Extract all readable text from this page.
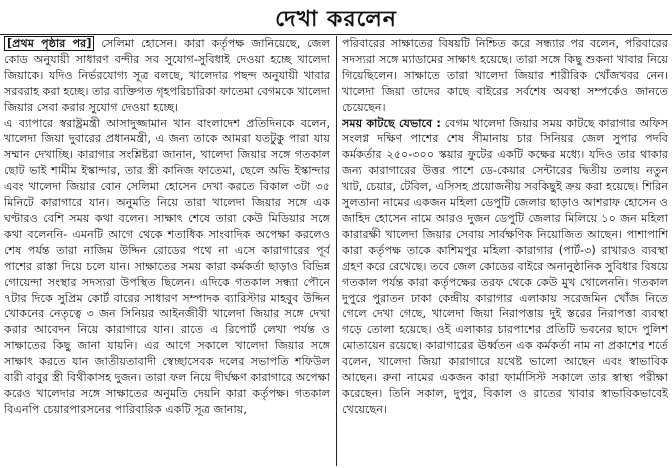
দেখা করলেন

[প্রথম পৃষ্ঠার পর] সেলিমা হোসেন। কারা কর্তৃপক্ষ জানিয়েছে, জেল কোড অনুযায়ী সাধারণ বন্দীর সব সুযোগ-সুবিধাই দেওয়া হচ্ছে খালেদা জিয়াকে। যদিও নির্ভরযোগ্য সূত্র বলছে, খালেদার পছন্দ অনুযায়ী খাবার সরবরাহ করা হচ্ছে। তার ব্যক্তিগত গৃহপরিচারিকা ফাতেমা বেগমকে খালেদা জিয়ার সেবা করার সুযোগ দেওয়া হচ্ছে।

এ ব্যাপারে স্বরাষ্ট্রমন্ত্রী আসাদুজ্জামান খান বাংলাদেশ প্রতিদিনকে বলেন, খালেদা জিয়া দুবারের প্রধানমন্ত্রী, এ জন্য তাকে আমরা যতটুকু পারা যায় সম্মান দেখাচ্ছি। কারাগার সংশ্লিষ্টরা জানান, খালেদা জিয়ার সঙ্গে গতকাল ছোট ভাই শামীম ইস্কান্দার, তার স্ত্রী কানিজ ফাতেমা, ছেলে অভি ইস্কান্দার এবং খালেদা জিয়ার বোন সেলিমা হোসেন দেখা করতে বিকাল ৩টা ৩৫ মিনিটে কারাগারে যান। অনুমতি নিয়ে তারা খালেদা জিয়ার সঙ্গে এক ঘণ্টারও বেশি সময় কথা বলেন। সাক্ষাৎ শেষে তারা কেউ মিডিয়ার সঙ্গে কথা বলেননি- এমনটি আগে থেকে শতাধিক সাংবাদিক অপেক্ষা করলেও শেষ পর্যন্ত তারা নাজিম উদ্দিন রোডের পথে না এসে কারাগারের পূর্ব পাশের রাস্তা দিয়ে চলে যান। সাক্ষাতের সময় কারা কর্মকর্তা ছাড়াও বিভিন্ন গোয়েন্দা সংস্থার সদস্যরা উপস্থিত ছিলেন। এদিকে গতকাল সন্ধ্যা পৌনে ৭টার দিকে সুপ্রিম কোর্ট বারের সাধারণ সম্পাদক ব্যারিস্টার মাহবুব উদ্দিন খোকনের নেতৃত্বে ৩ জন সিনিয়র আইনজীবী খালেদা জিয়ার সঙ্গে দেখা করার আবেদন নিয়ে কারাগারে যান। রাতে এ রিপোর্ট লেখা পর্যন্ত ও সাক্ষাতের কিছু জানা যায়নি। এর আগে সকালে খালেদা জিয়ার সঙ্গে সাক্ষাৎ করতে যান জাতীয়তাবাদী স্বেচ্ছাসেবক দলের সভাপতি শফিউল বারী বাবুর স্ত্রী বিথীকাসহ দুজন। তারা ফল নিয়ে দীর্ঘক্ষণ কারাগারে অপেক্ষা করেও খালেদার সঙ্গে সাক্ষাতের অনুমতি দেয়নি কারা কর্তৃপক্ষ। গতকাল বিএনপি চেয়ারপারসনের পারিবারিক একটি সূত্র জানায়,

পরিবারের সাক্ষাতের বিষয়টি নিশ্চিত করে সন্ধ্যার পর বলেন, পরিবারের সদস্যরা সঙ্গে ম্যাডামের সাক্ষাৎ হয়েছে। তারা সঙ্গে কিছু শুকনা খাবার নিয়ে গিয়েছিলেন। সাক্ষাতে তারা খালেদা জিয়ার শারীরিক খোঁজখবর নেন। খালেদা জিয়া তাদের কাছে বাইরের সর্বশেষ অবস্থা সম্পর্কেও জানতে চেয়েছেন।

সময় কাটছে যেভাবে : বেগম খালেদা জিয়ার সময় কাটছে কারাগার অফিস সংলগ্ন দক্ষিণ পাশের শেষ সীমানায় চার সিনিয়র জেল সুপার পদবি কর্মকর্তার ২৫০-৩০০ স্কয়ার ফুটের একটি কক্ষের মধ্যে। যদিও তার থাকার জন্য কারাগারের উত্তর পাশে ডে-কেয়ার সেন্টারের দ্বিতীয় তলায় নতুন খাট, চেয়ার, টেবিল, এসিসহ প্রয়োজনীয় সবকিছুই ক্রয় করা হয়েছে। শিরিন সুলতানা নামের একজন মহিলা ডেপুটি জেলার ছাড়াও আশরাফ হোসেন ও জাহিদ হোসেন নামে আরও দুজন ডেপুটি জেলার মিলিয়ে ১০ জন মহিলা কারারক্ষী খালেদা জিয়ার সেবায় সার্বক্ষণিক নিয়োজিত আছেন। পাশাপাশি কারা কর্তৃপক্ষ তাকে কাশিমপুর মহিলা কারাগার (পার্ট-৩) রাখারও ব্যবস্থা গ্রহণ করে রেখেছে। তবে জেল কোডের বাইরে অনানুষ্ঠানিক সুবিধার বিষয়ে গতকাল পর্যন্ত কারা কর্তৃপক্ষের তরফ থেকে কেউ মুখ খোলেননি। গতকাল দুপুরে পুরাতন ঢাকা কেন্দ্রীয় কারাগার এলাকায় সরেজমিন খোঁজ নিতে গেলে দেখা গেছে, খালেদা জিয়া নিরাপত্তায় দুই স্তরের নিরাপত্তা ব্যবস্থা গড়ে তোলা হয়েছে। ওই এলাকার চারপাশের প্রতিটি ভবনের ছাদে পুলিশ মোতায়েন রয়েছে। কারাগারের ঊর্ধ্বতন এক কর্মকর্তা নাম না প্রকাশের শর্তে বলেন, খালেদা জিয়া কারাগারে যথেষ্ট ভালো আছেন এবং স্বাভাবিক আছেন। রুনা নামের একজন কারা ফার্মাসিস্ট সকালে তার স্বাস্থ্য পরীক্ষা করেছেন। তিনি সকাল, দুপুর, বিকাল ও রাতের খাবার স্বাভাবিকভাবেই খেয়েছেন।
